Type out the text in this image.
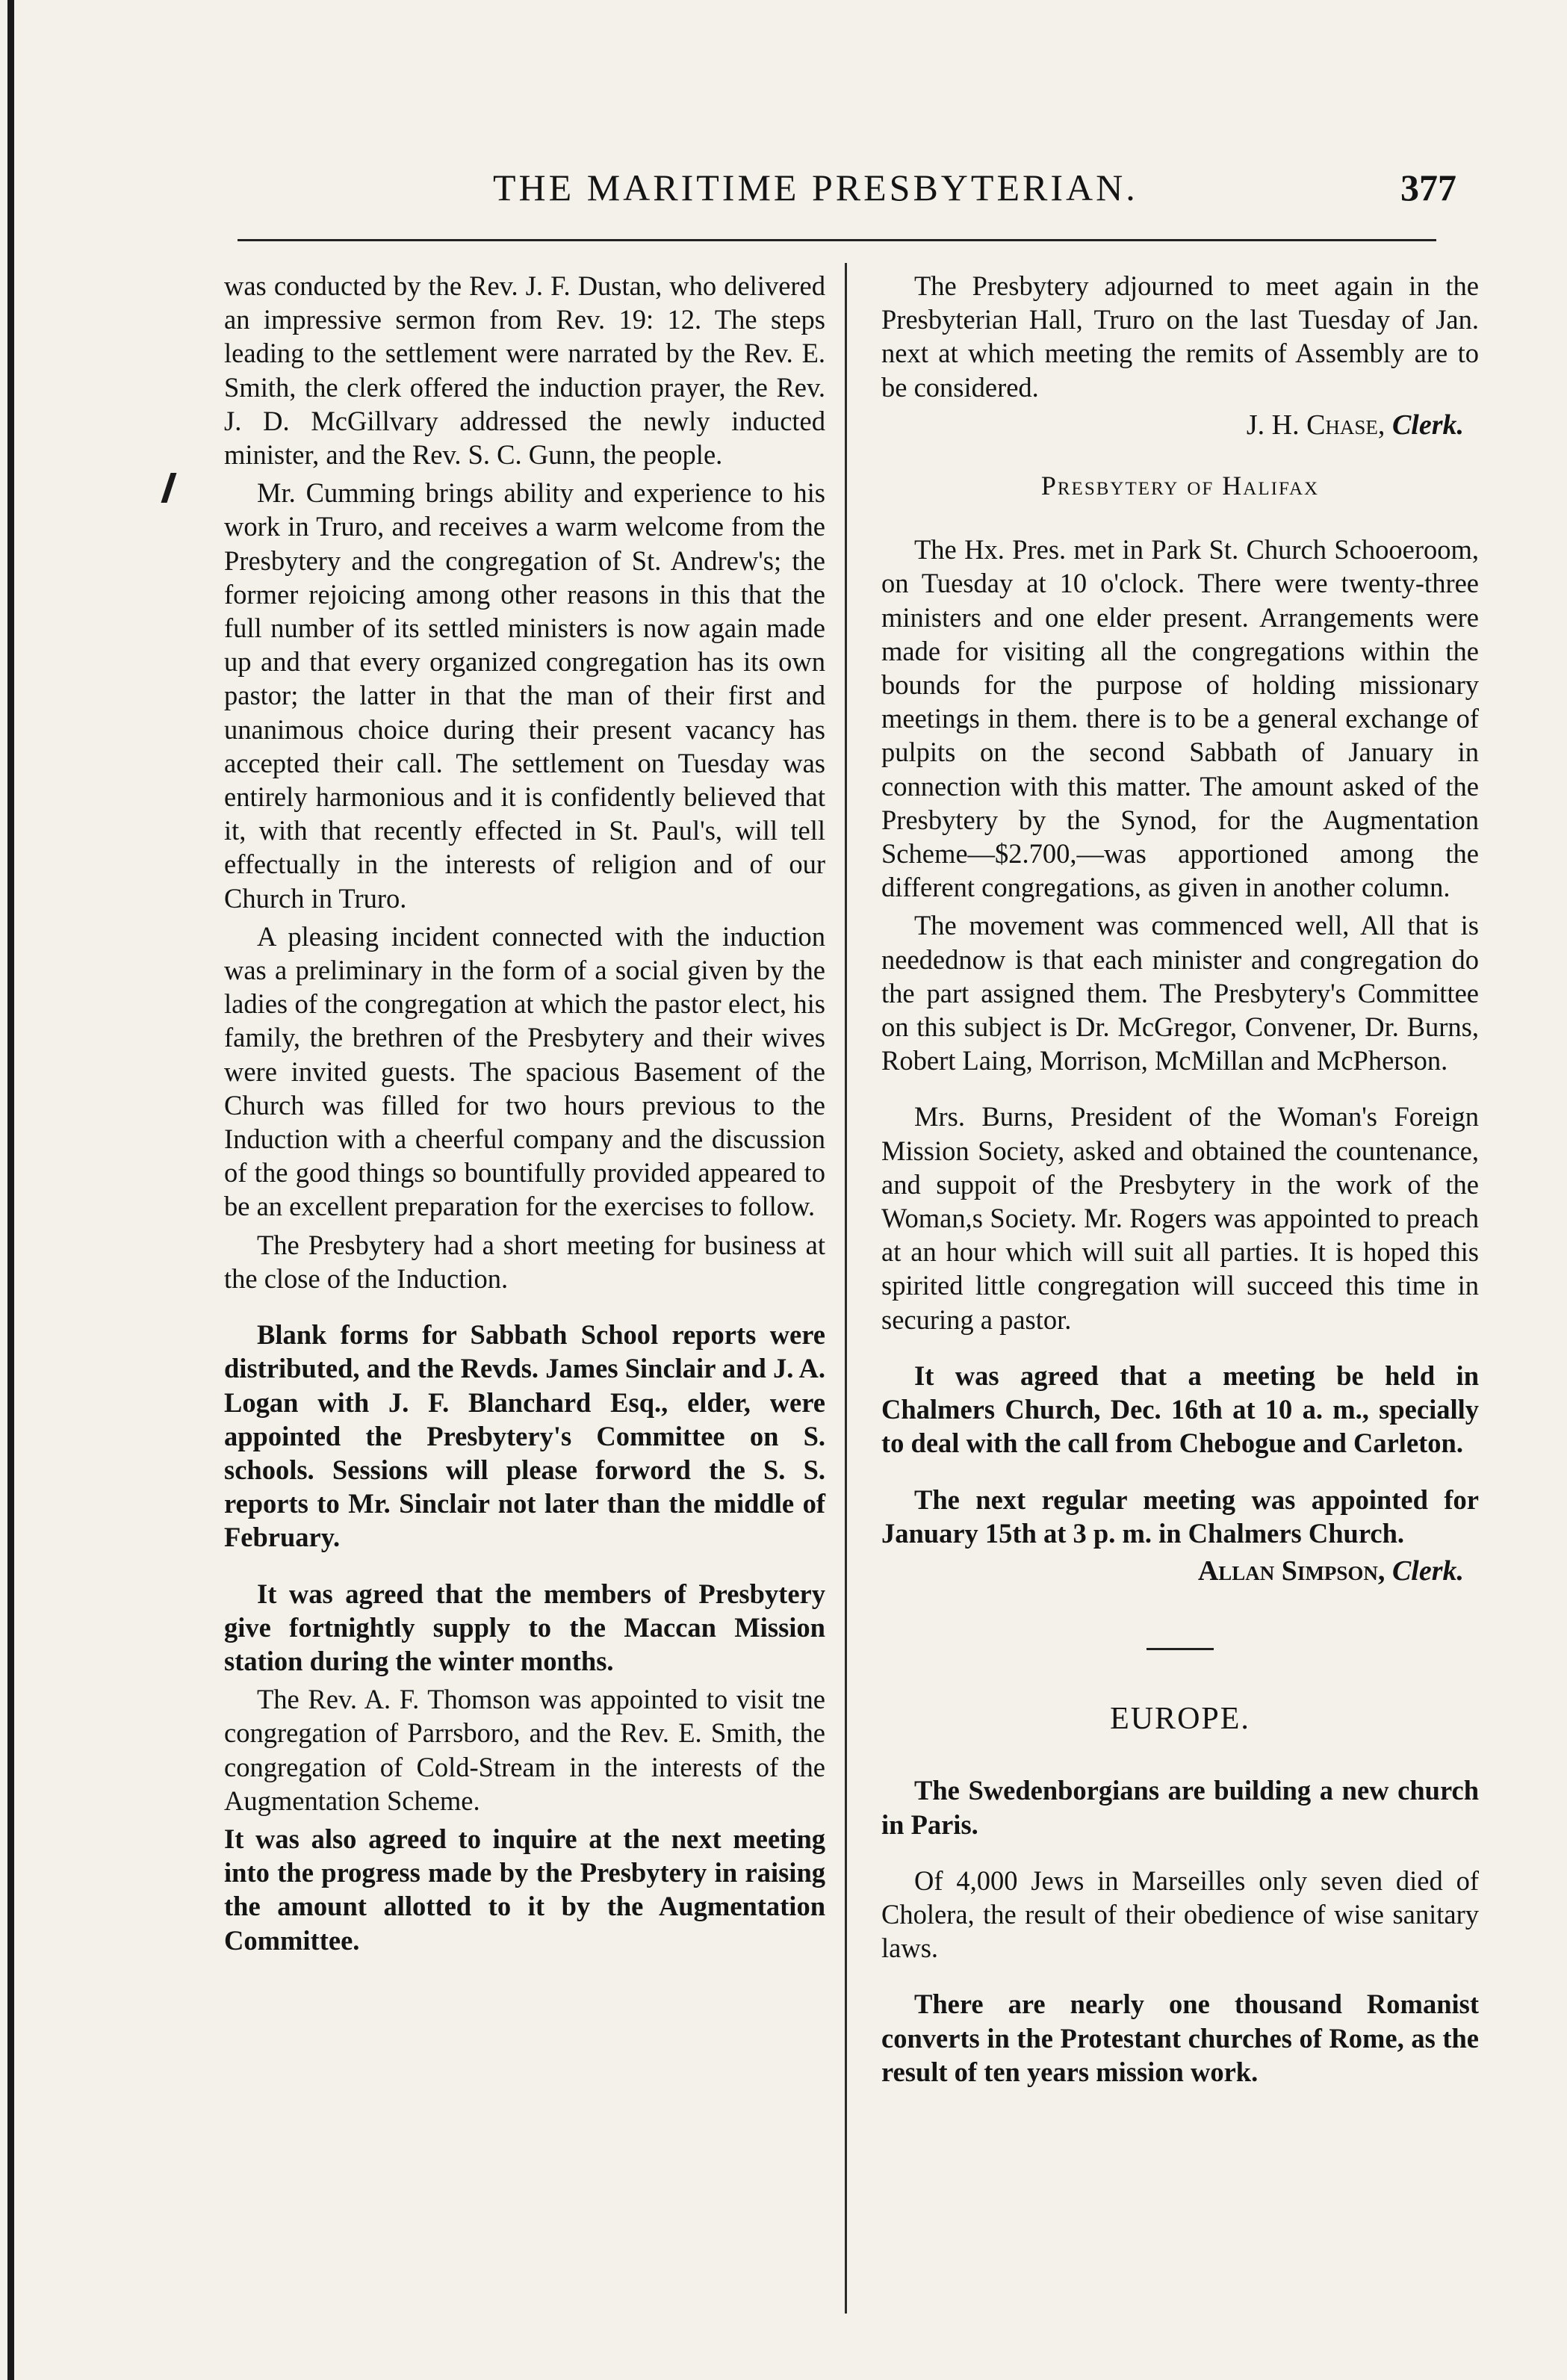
THE MARITIME PRESBYTERIAN.	377

was conducted by the Rev. J. F. Dustan, who delivered an impressive sermon from Rev. 19: 12. The steps leading to the settlement were narrated by the Rev. E. Smith, the clerk offered the induction prayer, the Rev. J. D. McGillvary addressed the newly inducted minister, and the Rev. S. C. Gunn, the people.

Mr. Cumming brings ability and experience to his work in Truro, and receives a warm welcome from the Presbytery and the congregation of St. Andrew's; the former rejoicing among other reasons in this that the full number of its settled ministers is now again made up and that every organized congregation has its own pastor; the latter in that the man of their first and unanimous choice during their present vacancy has accepted their call. The settlement on Tuesday was entirely harmonious and it is confidently believed that it, with that recently effected in St. Paul's, will tell effectually in the interests of religion and of our Church in Truro.

A pleasing incident connected with the induction was a preliminary in the form of a social given by the ladies of the congregation at which the pastor elect, his family, the brethren of the Presbytery and their wives were invited guests. The spacious Basement of the Church was filled for two hours previous to the Induction with a cheerful company and the discussion of the good things so bountifully provided appeared to be an excellent preparation for the exercises to follow.

The Presbytery had a short meeting for business at the close of the Induction.

Blank forms for Sabbath School reports were distributed, and the Revds. James Sinclair and J. A. Logan with J. F. Blanchard Esq., elder, were appointed the Presbytery's Committee on S. schools. Sessions will please forword the S. S. reports to Mr. Sinclair not later than the middle of February.

It was agreed that the members of Presbytery give fortnightly supply to the Maccan Mission station during the winter months.

The Rev. A. F. Thomson was appointed to visit tne congregation of Parrsboro, and the Rev. E. Smith, the congregation of Cold-Stream in the interests of the Augmentation Scheme.

It was also agreed to inquire at the next meeting into the progress made by the Presbytery in raising the amount allotted to it by the Augmentation Committee.

The Presbytery adjourned to meet again in the Presbyterian Hall, Truro on the last Tuesday of Jan. next at which meeting the remits of Assembly are to be considered.

J. H. Chase, Clerk.
Presbytery of Halifax

The Hx. Pres. met in Park St. Church Schooeroom, on Tuesday at 10 o'clock. There were twenty-three ministers and one elder present. Arrangements were made for visiting all the congregations within the bounds for the purpose of holding missionary meetings in them. there is to be a general exchange of pulpits on the second Sabbath of January in connection with this matter. The amount asked of the Presbytery by the Synod, for the Augmentation Scheme—$2.700,—was apportioned among the different congregations, as given in another column.

The movement was commenced well, All that is needednow is that each minister and congregation do the part assigned them. The Presbytery's Committee on this subject is Dr. McGregor, Convener, Dr. Burns, Robert Laing, Morrison, McMillan and McPherson.

Mrs. Burns, President of the Woman's Foreign Mission Society, asked and obtained the countenance, and suppoit of the Presbytery in the work of the Woman,s Society. Mr. Rogers was appointed to preach at an hour which will suit all parties. It is hoped this spirited little congregation will succeed this time in securing a pastor.

It was agreed that a meeting be held in Chalmers Church, Dec. 16th at 10 a. m., specially to deal with the call from Chebogue and Carleton.

The next regular meeting was appointed for January 15th at 3 p. m. in Chalmers Church.

Allan Simpson, Clerk.
EUROPE.

The Swedenborgians are building a new church in Paris.

Of 4,000 Jews in Marseilles only seven died of Cholera, the result of their obedience of wise sanitary laws.

There are nearly one thousand Romanist converts in the Protestant churches of Rome, as the result of ten years mission work.
